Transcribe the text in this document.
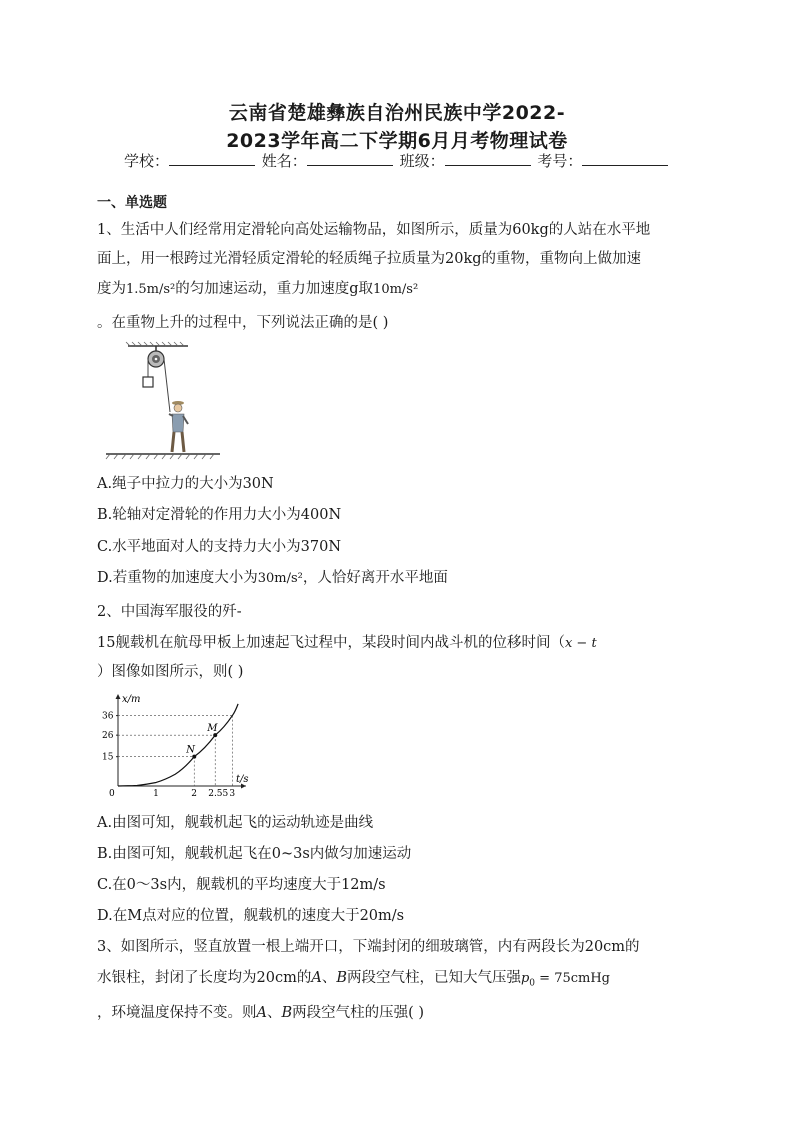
云南省楚雄彝族自治州民族中学2022-
2023学年高二下学期6月月考物理试卷
学校：	姓名：	班级：	考号：
一、单选题
1、生活中人们经常用定滑轮向高处运输物品，如图所示，质量为60kg的人站在水平地
面上，用一根跨过光滑轻质定滑轮的轻质绳子拉质量为20kg的重物，重物向上做加速
度为1.5m/s²的匀加速运动，重力加速度g取10m/s²
。在重物上升的过程中，下列说法正确的是( )
A.绳子中拉力的大小为30N
B.轮轴对定滑轮的作用力大小为400N
C.水平地面对人的支持力大小为370N
D.若重物的加速度大小为30m/s²，人恰好离开水平地面
2、中国海军服役的歼-
15舰载机在航母甲板上加速起飞过程中，某段时间内战斗机的位移时间（x − t
）图像如图所示，则( )
x/m
t/s
0	1	2 2.55 3
15
26
36
N
M
A.由图可知，舰载机起飞的运动轨迹是曲线
B.由图可知，舰载机起飞在0~3s内做匀加速运动
C.在0～3s内，舰载机的平均速度大于12m/s
D.在M点对应的位置，舰载机的速度大于20m/s
3、如图所示，竖直放置一根上端开口，下端封闭的细玻璃管，内有两段长为20cm的
水银柱，封闭了长度均为20cm的A、B两段空气柱，已知大气压强$p_0$ = 75cmHg
，环境温度保持不变。则A、B两段空气柱的压强( )
